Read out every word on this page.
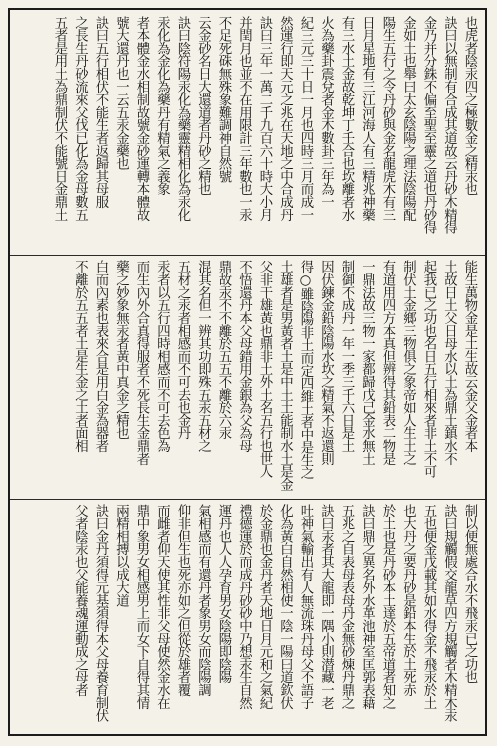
也虎者陰汞四之極數金之精汞也
訣曰以無制有合成其道故云丹砂木精得
金乃并分銖不偏至聖至靈之道也丹砂得
金如土也舉曰太玄陰陽之理法陰陽配
陽生五行之令丹砂與金名龍虎木有三
日月星地有三江河海人有三精兆神藥
有三水土金故乾坤丁壬合也坎離者水
火為藥卦震兌者金木數卦三年為一
紀三元三十日一月也四時三月而成一
然運行即天元之兆在天地之中合成丹
訣曰三年一萬二千九百六十時大小月
并閏月也並不在用限計三年數也一汞
不足死硃無殊象難調神自然號
云金砂名日大還道者丹砂之精也
訣曰陰符陽汞化為藥靈精相化為汞化
汞化為金化為藥丹有精氣之義象
者本體金水相制故號金砂運轉本體故
號大還丹也一云五汞金藥也
訣曰五行相伏不能生者返歸其母服
之長生丹砂流來父伐已化為金母數五
五者是用土為鼎制伏不能號日金鼎土
能生萬物金是土生故云金父金者本
土故日土父日母水以土為鼎土鎮水不
起我已之功也名日五行相來者非土不可
制伏土金鄉三物俱之象帝如人生土之
有道用四方本真但辨得其鉛表二物是
一鼎法故三物一家都歸戊己金水無土
制御不成丹一年一季三千六日是土
因伏鍊金鉛陰陽水坎之精氣不返還則
得○雖陰陽非土而定四維土者中是生之
土雄者是男黃者土是中土土能制水土是金
父非干雄黃也鼎非土外土名五行也世人
不悟還丹本父母錯用金銀為父為母
鼎故汞不不離於五五不離於六汞
混其名但一辨其功即殊五汞五材之
五材之汞者相感而不可去也金丹
汞者以五行四時相感而不可去色為
而生內外合真得服者不死長生金鼎者
藥之妙象無汞者黃中真金之精也
白而內素也表來合是用白金為器者
不離於五五者土是生金之土者面相
制以便無處合水不飛汞已之功也
訣曰規觸假交龍草四方規觸者木精木汞
五也便金戊載其如水得金不飛汞於土
也大丹之要丹砂是鉛本生於土死赤
於土也是丹砂本土達於五帝道者知之
訣曰鼎之異名外水革池神室匡郭表藉
五兆之自表母表母丹金無砂煉丹鼎之
訣曰汞者其大龍即一隅小則潜藏一老
吐神氣輸出有人無流珠丹母父不語子
化為黃白自然相使一陰一陽曰道欽伏
於金鼎也金丹者天地日月元和之氣紀
禮德運於而成丹砂砂中乃想汞生自然
運丹也人人孕育男女陰陽即陰陽
氣相感而有還丹者象男女而陰陽調
仰非但生也死亦如之但從於雄者覆
而雌者仰天使其性非父母使然金水在
鼎中象男女相感男上而女下自得其情
兩精相搏以成大道
訣曰金丹須得元基須得本父母養育制伏
父者陰汞也父能養魂運動成之母者
